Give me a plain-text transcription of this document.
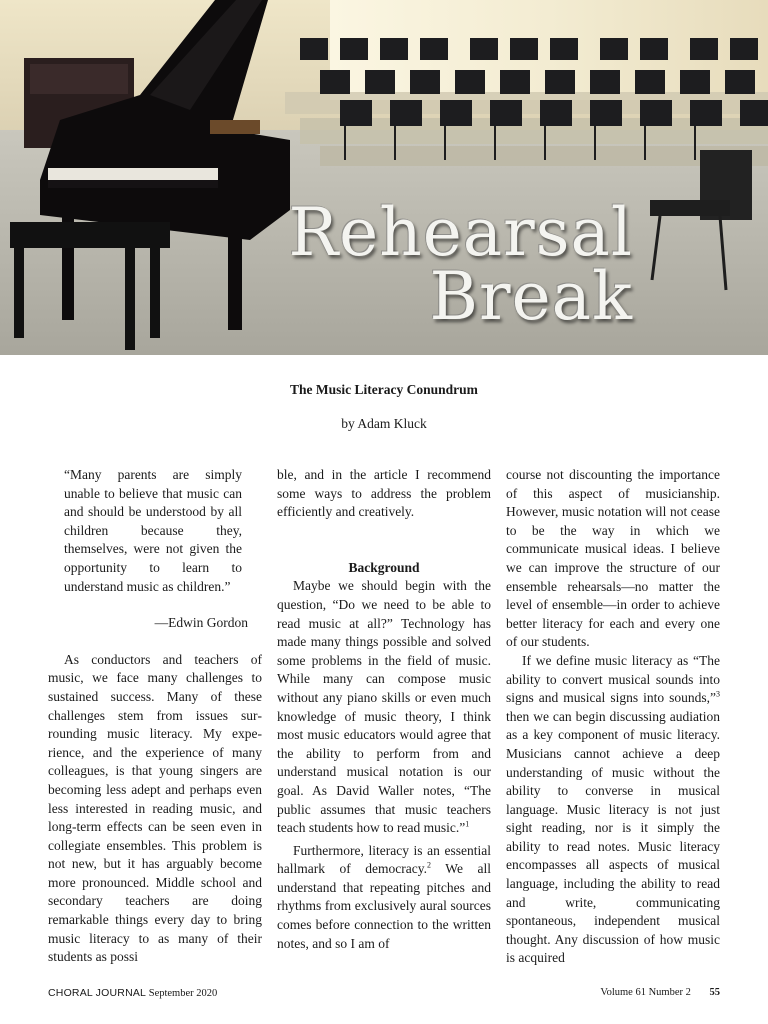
Rehearsal
Break
The Music Literacy Conundrum
by Adam Kluck

“Many parents are simply unable to believe that music can and should be understood by all children because they, themselves, were not given the opportunity to learn to understand music as children.”

—Edwin Gordon

As conductors and teachers of music, we face many challenges to sustained success. Many of these challenges stem from issues surrounding music literacy. My experience, and the experience of many colleagues, is that young singers are becoming less adept and perhaps even less interested in reading music, and long-term effects can be seen even in collegiate ensembles. This problem is not new, but it has arguably become more pronounced. Middle school and secondary teachers are doing remarkable things every day to bring music literacy to as many of their students as possi

ble, and in the article I recommend some ways to address the problem efficiently and creatively.

Background

Maybe we should begin with the question, “Do we need to be able to read music at all?” Technology has made many things possible and solved some problems in the field of music. While many can compose music without any piano skills or even much knowledge of music theory, I think most music educators would agree that the ability to perform from and understand musical notation is our goal. As David Waller notes, “The public assumes that music teachers teach students how to read music.”$^1$

Furthermore, literacy is an essential hallmark of democracy.$^2$ We all understand that repeating pitches and rhythms from exclusively aural sources comes before connection to the written notes, and so I am of

course not discounting the importance of this aspect of musicianship. However, music notation will not cease to be the way in which we communicate musical ideas. I believe we can improve the structure of our ensemble rehearsals—no matter the level of ensemble—in order to achieve better literacy for each and every one of our students.

If we define music literacy as “The ability to convert musical sounds into signs and musical signs into sounds,”$^3$ then we can begin discussing audiation as a key component of music literacy. Musicians cannot achieve a deep understanding of music without the ability to converse in musical language. Music literacy is not just sight reading, nor is it simply the ability to read notes. Music literacy encompasses all aspects of musical language, including the ability to read and write, communicating spontaneous, independent musical thought. Any discussion of how music is acquired

CHORAL JOURNAL September 2020	Volume 61 Number 2 55
